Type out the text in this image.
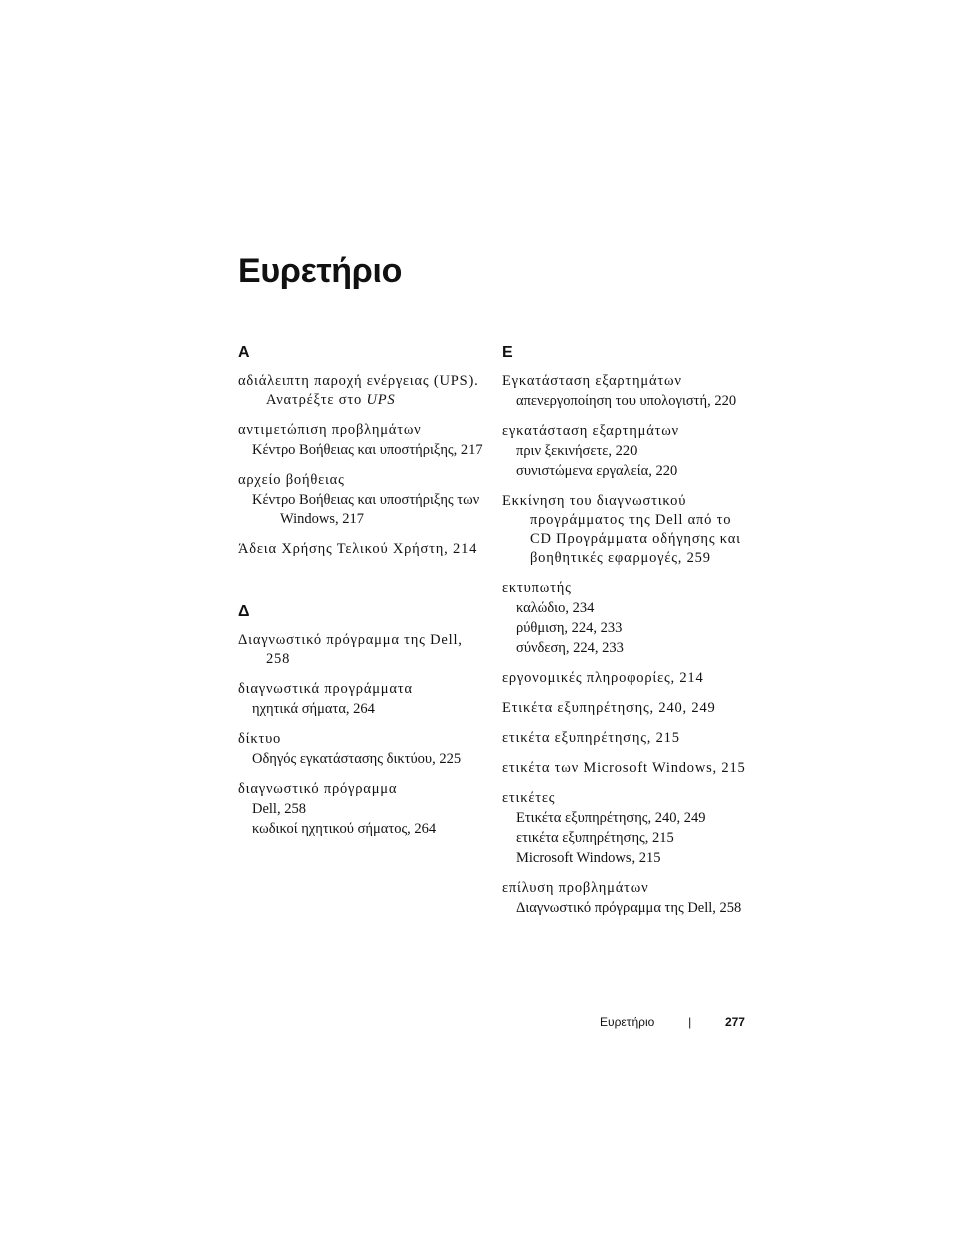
Ευρετήριο
Α
αδιάλειπτη παροχή ενέργειας (UPS). Ανατρέξτε στο UPS
αντιμετώπιση προβλημάτων
Κέντρο Βοήθειας και υποστήριξης, 217
αρχείο βοήθειας
Κέντρο Βοήθειας και υποστήριξης των Windows, 217
Άδεια Χρήσης Τελικού Χρήστη, 214
Δ
Διαγνωστικό πρόγραμμα της Dell, 258
διαγνωστικά προγράμματα
ηχητικά σήματα, 264
δίκτυο
Οδηγός εγκατάστασης δικτύου, 225
διαγνωστικό πρόγραμμα
Dell, 258
κωδικοί ηχητικού σήματος, 264
Ε
Εγκατάσταση εξαρτημάτων
απενεργοποίηση του υπολογιστή, 220
εγκατάσταση εξαρτημάτων
πριν ξεκινήσετε, 220
συνιστώμενα εργαλεία, 220
Εκκίνηση του διαγνωστικού προγράμματος της Dell από το CD Προγράμματα οδήγησης και βοηθητικές εφαρμογές, 259
εκτυπωτής
καλώδιο, 234
ρύθμιση, 224, 233
σύνδεση, 224, 233
εργονομικές πληροφορίες, 214
Ετικέτα εξυπηρέτησης, 240, 249
ετικέτα εξυπηρέτησης, 215
ετικέτα των Microsoft Windows, 215
ετικέτες
Ετικέτα εξυπηρέτησης, 240, 249
ετικέτα εξυπηρέτησης, 215
Microsoft Windows, 215
επίλυση προβλημάτων
Διαγνωστικό πρόγραμμα της Dell, 258
Ευρετήριο	|	277
